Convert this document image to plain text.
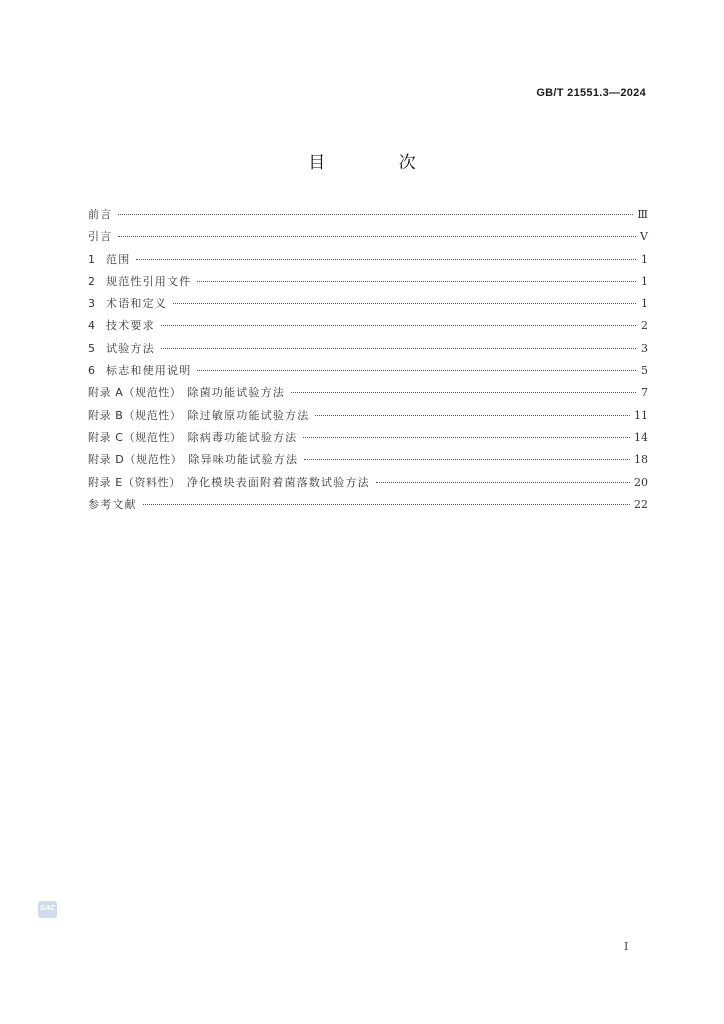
GB/T 21551.3—2024
目 次
前言	Ⅲ
引言	Ⅴ
1	范围	1
2	规范性引用文件	1
3	术语和定义	1
4	技术要求	2
5	试验方法	3
6	标志和使用说明	5
附录 A（规范性） 除菌功能试验方法	7
附录 B（规范性） 除过敏原功能试验方法	11
附录 C（规范性） 除病毒功能试验方法	14
附录 D（规范性） 除异味功能试验方法	18
附录 E（资料性） 净化模块表面附着菌落数试验方法	20
参考文献	22
SAC
Ⅰ
